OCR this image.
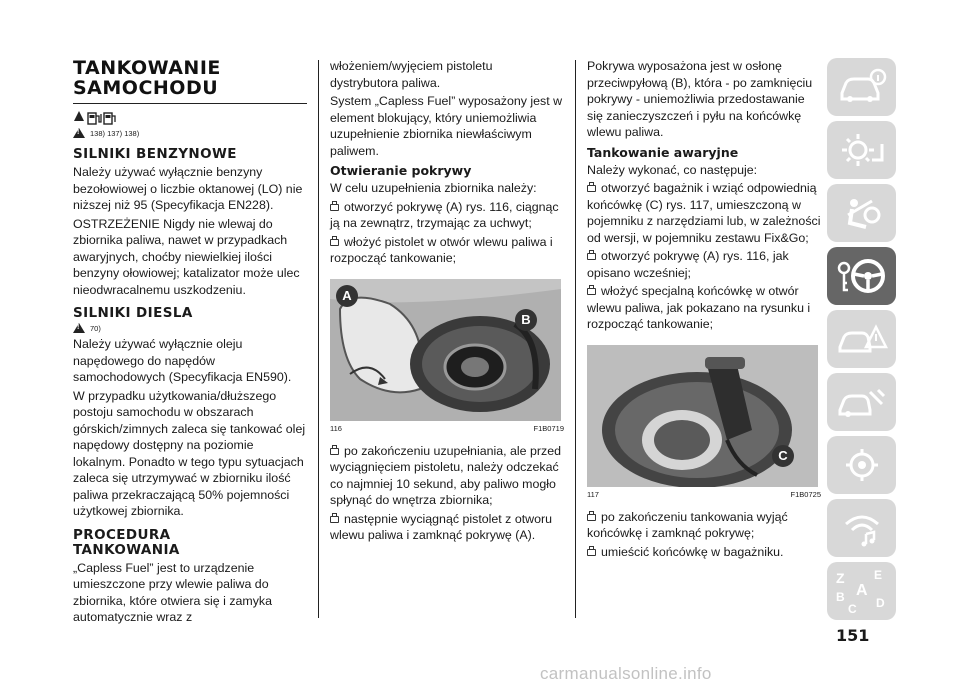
TANKOWANIE
SAMOCHODU
!
138) 137) 138)
SILNIKI BENZYNOWE
Należy używać wyłącznie benzyny bezołowiowej o liczbie oktanowej (LO) nie niższej niż 95 (Specyfikacja EN228).
OSTRZEŻENIE Nigdy nie wlewaj do zbiornika paliwa, nawet w przypadkach awaryjnych, choćby niewielkiej ilości benzyny ołowiowej; katalizator może ulec nieodwracalnemu uszkodzeniu.
SILNIKI DIESLA
!
70)
Należy używać wyłącznie oleju napędowego do napędów samochodowych (Specyfikacja EN590).
W przypadku użytkowania/dłuższego postoju samochodu w obszarach górskich/zimnych zaleca się tankować olej napędowy dostępny na poziomie lokalnym. Ponadto w tego typu sytuacjach zaleca się utrzymywać w zbiorniku ilość paliwa przekraczającą 50% pojemności użytkowej zbiornika.
PROCEDURA
TANKOWANIA
„Capless Fuel” jest to urządzenie umieszczone przy wlewie paliwa do zbiornika, które otwiera się i zamyka automatycznie wraz z
włożeniem/wyjęciem pistoletu dystrybutora paliwa.
System „Capless Fuel” wyposażony jest w element blokujący, który uniemożliwia uzupełnienie zbiornika niewłaściwym paliwem.
Otwieranie pokrywy
W celu uzupełnienia zbiornika należy:
otworzyć pokrywę (A) rys. 116, ciągnąc ją na zewnątrz, trzymając za uchwyt;
włożyć pistolet w otwór wlewu paliwa i rozpocząć tankowanie;
A
B
116	F1B0719
po zakończeniu uzupełniania, ale przed wyciągnięciem pistoletu, należy odczekać co najmniej 10 sekund, aby paliwo mogło spłynąć do wnętrza zbiornika;
następnie wyciągnąć pistolet z otworu wlewu paliwa i zamknąć pokrywę (A).
Pokrywa wyposażona jest w osłonę przeciwpyłową (B), która - po zamknięciu pokrywy - uniemożliwia przedostawanie się zanieczyszczeń i pyłu na końcówkę wlewu paliwa.
Tankowanie awaryjne
Należy wykonać, co następuje:
otworzyć bagażnik i wziąć odpowiednią końcówkę (C) rys. 117, umieszczoną w pojemniku z narzędziami lub, w zależności od wersji, w pojemniku zestawu Fix&Go;
otworzyć pokrywę (A) rys. 116, jak opisano wcześniej;
włożyć specjalną końcówkę w otwór wlewu paliwa, jak pokazano na rysunku i rozpocząć tankowanie;
C
117	F1B0725
po zakończeniu tankowania wyjąć końcówkę i zamknąć pokrywę;
umieścić końcówkę w bagażniku.
Z E
A
B
C D
151
carmanualsonline.info
